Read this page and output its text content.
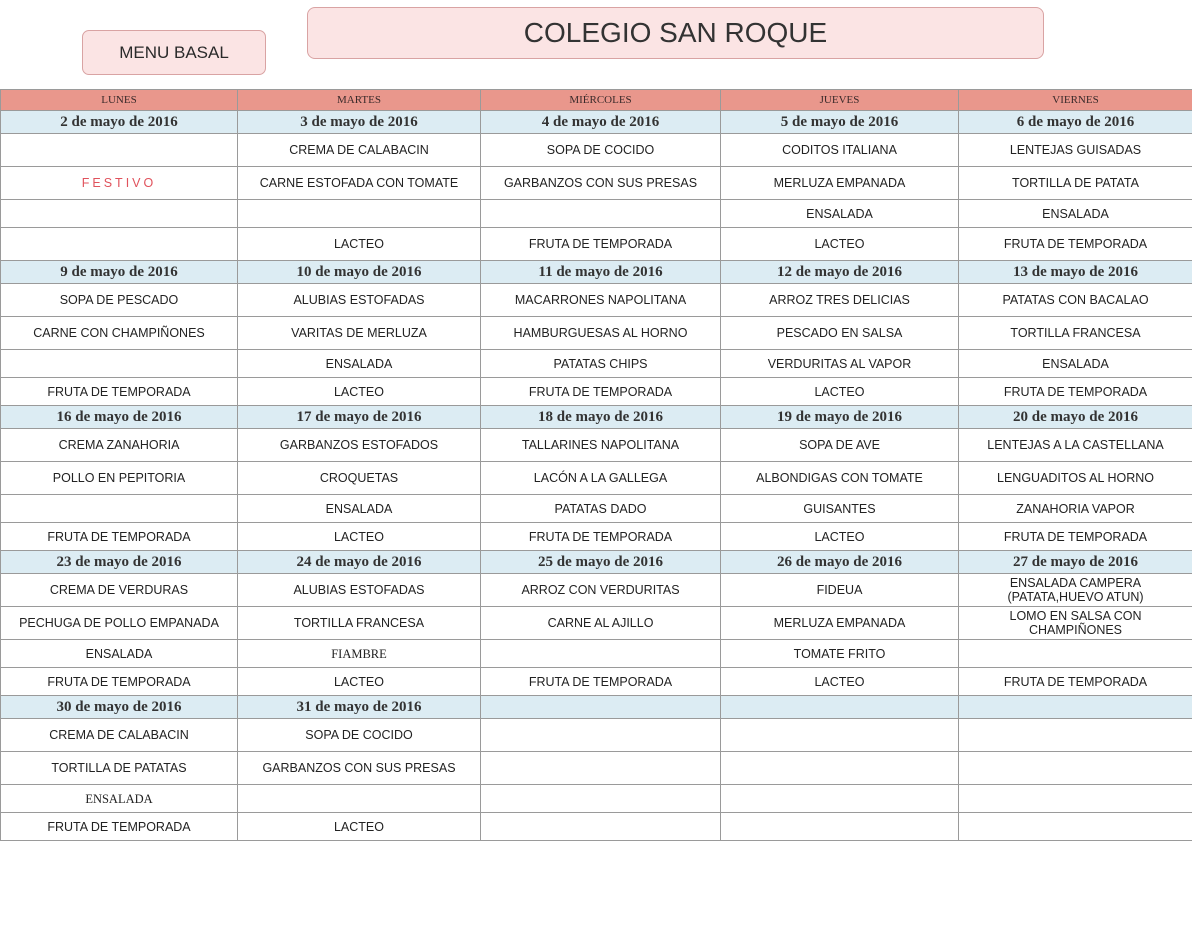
MENU BASAL
COLEGIO SAN ROQUE
LUNES	MARTES	MIÉRCOLES	JUEVES	VIERNES
2 de mayo de 2016	3 de mayo de 2016	4 de mayo de 2016	5 de mayo de 2016	6 de mayo de 2016
	CREMA DE CALABACIN	SOPA DE COCIDO	CODITOS ITALIANA	LENTEJAS GUISADAS
FESTIVO	CARNE ESTOFADA CON TOMATE	GARBANZOS CON SUS PRESAS	MERLUZA EMPANADA	TORTILLA DE PATATA
			ENSALADA	ENSALADA
	LACTEO	FRUTA DE TEMPORADA	LACTEO	FRUTA DE TEMPORADA
9 de mayo de 2016	10 de mayo de 2016	11 de mayo de 2016	12 de mayo de 2016	13 de mayo de 2016
SOPA DE PESCADO	ALUBIAS ESTOFADAS	MACARRONES NAPOLITANA	ARROZ TRES DELICIAS	PATATAS CON BACALAO
CARNE CON CHAMPIÑONES	VARITAS DE MERLUZA	HAMBURGUESAS AL HORNO	PESCADO EN SALSA	TORTILLA FRANCESA
	ENSALADA	PATATAS CHIPS	VERDURITAS AL VAPOR	ENSALADA
FRUTA DE TEMPORADA	LACTEO	FRUTA DE TEMPORADA	LACTEO	FRUTA DE TEMPORADA
16 de mayo de 2016	17 de mayo de 2016	18 de mayo de 2016	19 de mayo de 2016	20 de mayo de 2016
CREMA ZANAHORIA	GARBANZOS ESTOFADOS	TALLARINES NAPOLITANA	SOPA DE AVE	LENTEJAS A LA CASTELLANA
POLLO EN PEPITORIA	CROQUETAS	LACÓN A LA GALLEGA	ALBONDIGAS CON TOMATE	LENGUADITOS AL HORNO
	ENSALADA	PATATAS DADO	GUISANTES	ZANAHORIA VAPOR
FRUTA DE TEMPORADA	LACTEO	FRUTA DE TEMPORADA	LACTEO	FRUTA DE TEMPORADA
23 de mayo de 2016	24 de mayo de 2016	25 de mayo de 2016	26 de mayo de 2016	27 de mayo de 2016
CREMA DE VERDURAS	ALUBIAS ESTOFADAS	ARROZ CON VERDURITAS	FIDEUA	ENSALADA CAMPERA (PATATA,HUEVO ATUN)
PECHUGA DE POLLO EMPANADA	TORTILLA FRANCESA	CARNE AL AJILLO	MERLUZA EMPANADA	LOMO EN SALSA CON CHAMPIÑONES
ENSALADA	FIAMBRE		TOMATE FRITO	
FRUTA DE TEMPORADA	LACTEO	FRUTA DE TEMPORADA	LACTEO	FRUTA DE TEMPORADA
30 de mayo de 2016	31 de mayo de 2016			
CREMA DE CALABACIN	SOPA DE COCIDO			
TORTILLA DE PATATAS	GARBANZOS CON SUS PRESAS			
ENSALADA				
FRUTA DE TEMPORADA	LACTEO			
